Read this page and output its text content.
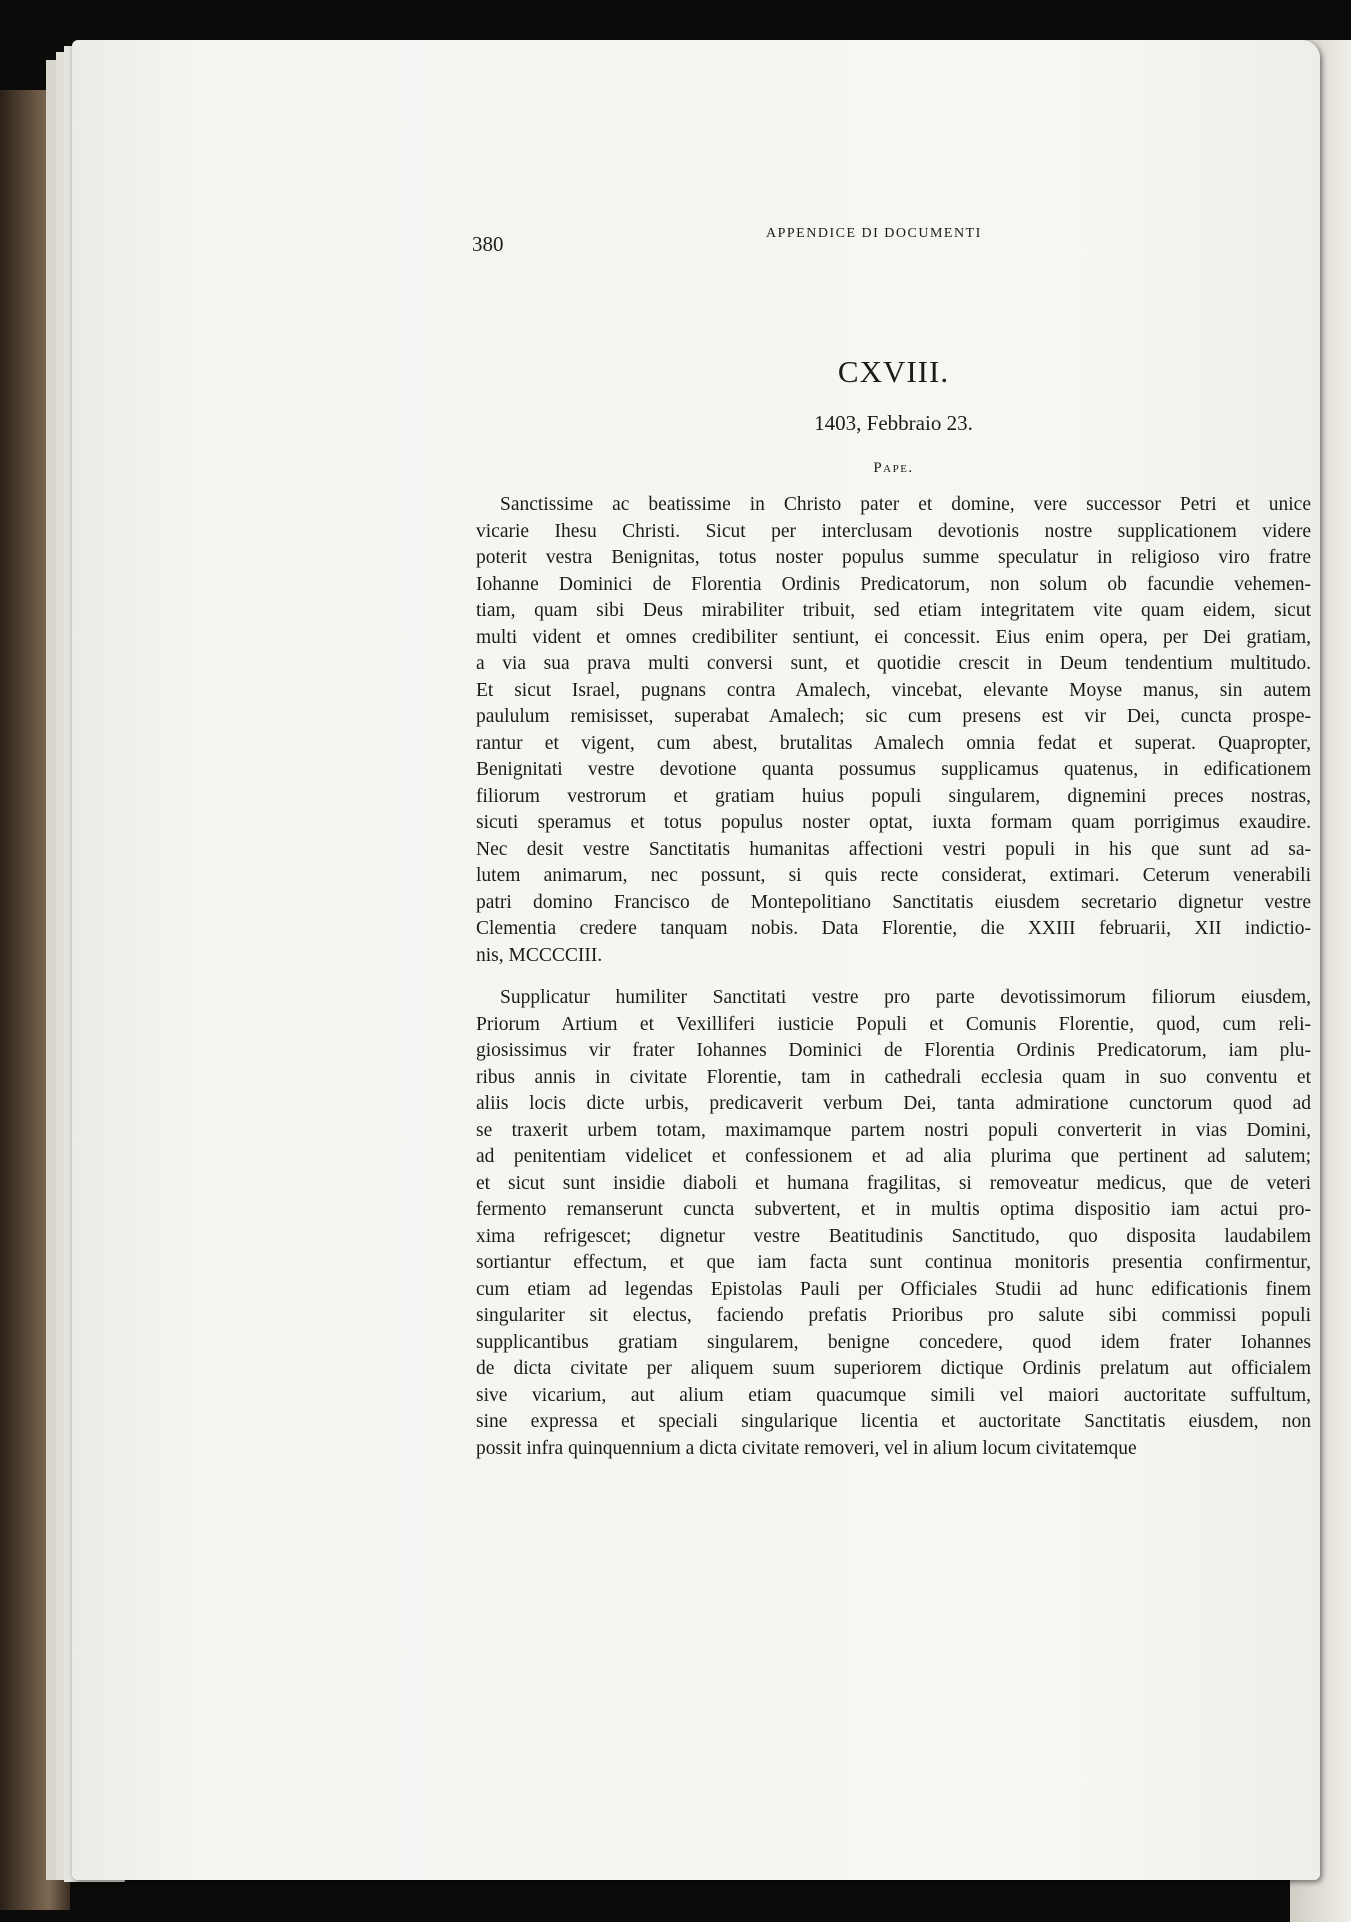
380	APPENDICE DI DOCUMENTI
CXVIII.
1403, Febbraio 23.
Pape.
Sanctissime ac beatissime in Christo pater et domine, vere successor Petri et unice
vicarie Ihesu Christi. Sicut per interclusam devotionis nostre supplicationem videre
poterit vestra Benignitas, totus noster populus summe speculatur in religioso viro fratre
Iohanne Dominici de Florentia Ordinis Predicatorum, non solum ob facundie vehemen-
tiam, quam sibi Deus mirabiliter tribuit, sed etiam integritatem vite quam eidem, sicut
multi vident et omnes credibiliter sentiunt, ei concessit. Eius enim opera, per Dei gratiam,
a via sua prava multi conversi sunt, et quotidie crescit in Deum tendentium multitudo.
Et sicut Israel, pugnans contra Amalech, vincebat, elevante Moyse manus, sin autem
paululum remisisset, superabat Amalech; sic cum presens est vir Dei, cuncta prospe-
rantur et vigent, cum abest, brutalitas Amalech omnia fedat et superat. Quapropter,
Benignitati vestre devotione quanta possumus supplicamus quatenus, in edificationem
filiorum vestrorum et gratiam huius populi singularem, dignemini preces nostras,
sicuti speramus et totus populus noster optat, iuxta formam quam porrigimus exaudire.
Nec desit vestre Sanctitatis humanitas affectioni vestri populi in his que sunt ad sa-
lutem animarum, nec possunt, si quis recte considerat, extimari. Ceterum venerabili
patri domino Francisco de Montepolitiano Sanctitatis eiusdem secretario dignetur vestre
Clementia credere tanquam nobis. Data Florentie, die XXIII februarii, XII indictio-
nis, MCCCCIII.
Supplicatur humiliter Sanctitati vestre pro parte devotissimorum filiorum eiusdem,
Priorum Artium et Vexilliferi iusticie Populi et Comunis Florentie, quod, cum reli-
giosissimus vir frater Iohannes Dominici de Florentia Ordinis Predicatorum, iam plu-
ribus annis in civitate Florentie, tam in cathedrali ecclesia quam in suo conventu et
aliis locis dicte urbis, predicaverit verbum Dei, tanta admiratione cunctorum quod ad
se traxerit urbem totam, maximamque partem nostri populi converterit in vias Domini,
ad penitentiam videlicet et confessionem et ad alia plurima que pertinent ad salutem;
et sicut sunt insidie diaboli et humana fragilitas, si removeatur medicus, que de veteri
fermento remanserunt cuncta subvertent, et in multis optima dispositio iam actui pro-
xima refrigescet; dignetur vestre Beatitudinis Sanctitudo, quo disposita laudabilem
sortiantur effectum, et que iam facta sunt continua monitoris presentia confirmentur,
cum etiam ad legendas Epistolas Pauli per Officiales Studii ad hunc edificationis finem
singulariter sit electus, faciendo prefatis Prioribus pro salute sibi commissi populi
supplicantibus gratiam singularem, benigne concedere, quod idem frater Iohannes
de dicta civitate per aliquem suum superiorem dictique Ordinis prelatum aut officialem
sive vicarium, aut alium etiam quacumque simili vel maiori auctoritate suffultum,
sine expressa et speciali singularique licentia et auctoritate Sanctitatis eiusdem, non
possit infra quinquennium a dicta civitate removeri, vel in alium locum civitatemque
